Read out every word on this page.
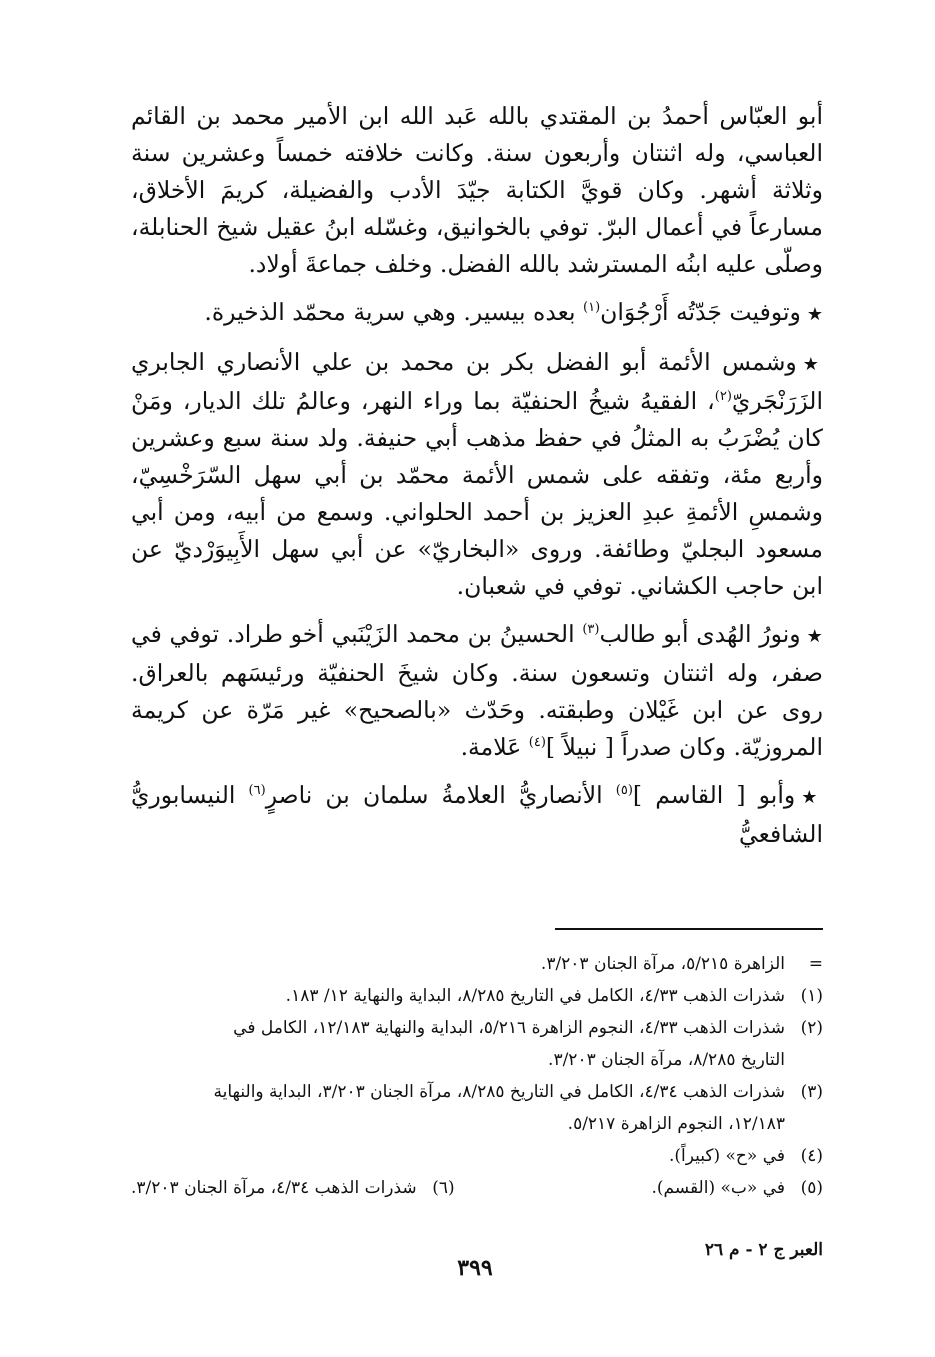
أبو العبّاس أحمدُ بن المقتدي بالله عَبد الله ابن الأمير محمد بن القائم العباسي، وله اثنتان وأربعون سنة. وكانت خلافته خمساً وعشرين سنة وثلاثة أشهر. وكان قويَّ الكتابة جيّدَ الأدب والفضيلة، كريمَ الأخلاق، مسارعاً في أعمال البرّ. توفي بالخوانيق، وغسّله ابنُ عقيل شيخ الحنابلة، وصلّى عليه ابنُه المسترشد بالله الفضل. وخلف جماعةَ أولاد.

★وتوفيت جَدّتُه أَرْجُوَان$^{(١)}$ بعده بيسير. وهي سرية محمّد الذخيرة.

★وشمس الأئمة أبو الفضل بكر بن محمد بن علي الأنصاري الجابري الزَرَنْجَريّ$^{(٢)}$، الفقيهُ شيخُ الحنفيّة بما وراء النهر، وعالمُ تلك الديار، ومَنْ كان يُضْرَبُ به المثلُ في حفظ مذهب أبي حنيفة. ولد سنة سبع وعشرين وأربع مئة، وتفقه على شمس الأئمة محمّد بن أبي سهل السّرَخْسِيّ، وشمسِ الأئمةِ عبدِ العزيز بن أحمد الحلواني. وسمع من أبيه، ومن أبي مسعود البجليّ وطائفة. وروى «البخاريّ» عن أبي سهل الأَبِيوَرْديّ عن ابن حاجب الكشاني. توفي في شعبان.

★ونورُ الهُدى أبو طالب$^{(٣)}$ الحسينُ بن محمد الزَيْنَبي أخو طراد. توفي في صفر، وله اثنتان وتسعون سنة. وكان شيخَ الحنفيّة ورئيسَهم بالعراق. روى عن ابن غَيْلان وطبقته. وحَدّث «بالصحيح» غير مَرّة عن كريمة المروزيّة. وكان صدراً [ نبيلاً ]$^{(٤)}$ عَلامة.

★وأبو [ القاسم ]$^{(٥)}$ الأنصاريُّ العلامةُ سلمان بن ناصرٍ$^{(٦)}$ النيسابوريُّ الشافعيُّ

=الزاهرة ٥/٢١٥، مرآة الجنان ٣/٢٠٣.

(١)شذرات الذهب ٤/٣٣، الكامل في التاريخ ٨/٢٨٥، البداية والنهاية ١٢/ ١٨٣.

(٢)شذرات الذهب ٤/٣٣، النجوم الزاهرة ٥/٢١٦، البداية والنهاية ١٢/١٨٣، الكامل في

التاريخ ٨/٢٨٥، مرآة الجنان ٣/٢٠٣.

(٣)شذرات الذهب ٤/٣٤، الكامل في التاريخ ٨/٢٨٥، مرآة الجنان ٣/٢٠٣، البداية والنهاية

١٢/١٨٣، النجوم الزاهرة ٥/٢١٧.

(٤)في «ح» (كبيراً).

(٥)في «ب» (القسم).
(٦)شذرات الذهب ٤/٣٤، مرآة الجنان ٣/٢٠٣.
العبر ج ٢ - م ٢٦
٣٩٩
